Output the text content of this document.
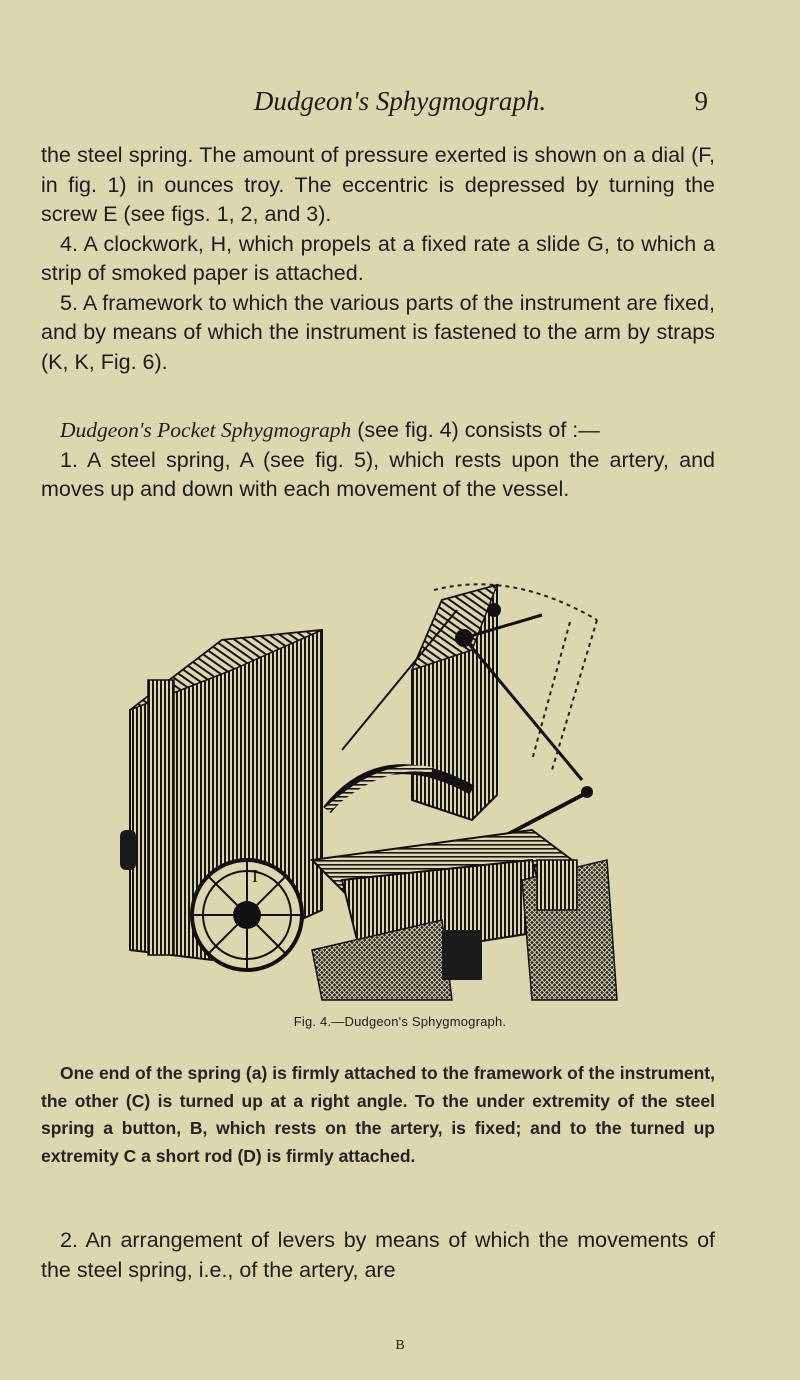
Dudgeon's Sphygmograph.	9

the steel spring. The amount of pressure exerted is shown on a dial (F, in fig. 1) in ounces troy. The eccentric is depressed by turning the screw E (see figs. 1, 2, and 3).

4. A clockwork, H, which propels at a fixed rate a slide G, to which a strip of smoked paper is attached.

5. A framework to which the various parts of the instrument are fixed, and by means of which the instrument is fastened to the arm by straps (K, K, Fig. 6).

Dudgeon's Pocket Sphygmograph (see fig. 4) consists of :—

1. A steel spring, A (see fig. 5), which rests upon the artery, and moves up and down with each movement of the vessel.

I
Fig. 4.—Dudgeon's Sphygmograph.

One end of the spring (a) is firmly attached to the framework of the instrument, the other (C) is turned up at a right angle. To the under extremity of the steel spring a button, B, which rests on the artery, is fixed; and to the turned up extremity C a short rod (D) is firmly attached.

2. An arrangement of levers by means of which the movements of the steel spring, i.e., of the artery, are

B
